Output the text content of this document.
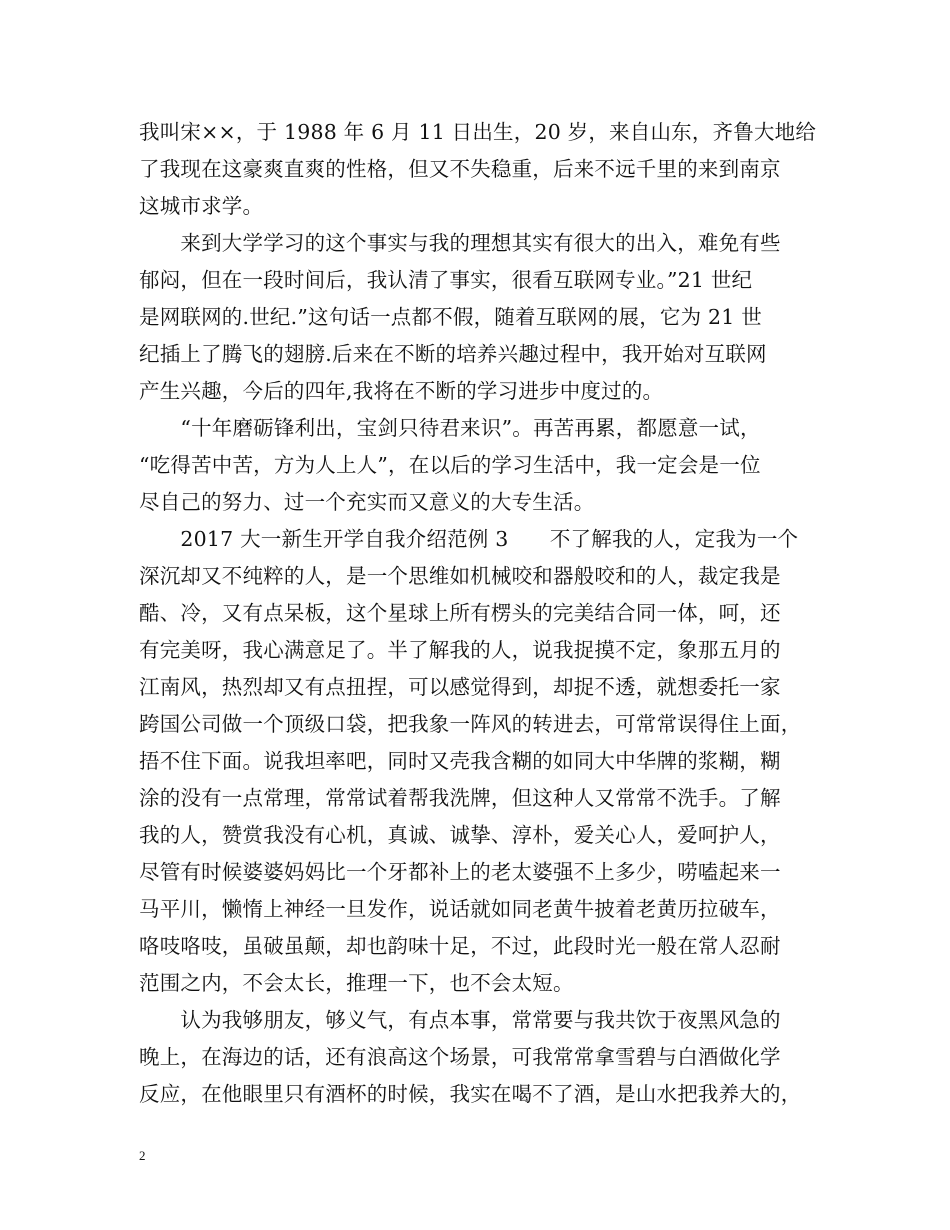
我叫宋××，于 1988 年 6 月 11 日出生，20 岁，来自山东，齐鲁大地给
了我现在这豪爽直爽的性格，但又不失稳重，后来不远千里的来到南京
这城市求学。
　　来到大学学习的这个事实与我的理想其实有很大的出入，难免有些
郁闷，但在一段时间后，我认清了事实，很看互联网专业。”21 世纪
是网联网的.世纪.”这句话一点都不假，随着互联网的展，它为 21 世
纪插上了腾飞的翅膀.后来在不断的培养兴趣过程中，我开始对互联网
产生兴趣，今后的四年,我将在不断的学习进步中度过的。
　　“十年磨砺锋利出，宝剑只待君来识”。再苦再累，都愿意一试，
“吃得苦中苦，方为人上人”，在以后的学习生活中，我一定会是一位
尽自己的努力、过一个充实而又意义的大专生活。
　　2017 大一新生开学自我介绍范例 3　　不了解我的人，定我为一个
深沉却又不纯粹的人，是一个思维如机械咬和器般咬和的人，裁定我是
酷、冷，又有点呆板，这个星球上所有楞头的完美结合同一体，呵，还
有完美呀，我心满意足了。半了解我的人，说我捉摸不定，象那五月的
江南风，热烈却又有点扭捏，可以感觉得到，却捉不透，就想委托一家
跨国公司做一个顶级口袋，把我象一阵风的转进去，可常常误得住上面，
捂不住下面。说我坦率吧，同时又壳我含糊的如同大中华牌的浆糊，糊
涂的没有一点常理，常常试着帮我洗牌，但这种人又常常不洗手。了解
我的人，赞赏我没有心机，真诚、诚挚、淳朴，爱关心人，爱呵护人，
尽管有时候婆婆妈妈比一个牙都补上的老太婆强不上多少，唠嗑起来一
马平川，懒惰上神经一旦发作，说话就如同老黄牛披着老黄历拉破车，
咯吱咯吱，虽破虽颠，却也韵味十足，不过，此段时光一般在常人忍耐
范围之内，不会太长，推理一下，也不会太短。
　　认为我够朋友，够义气，有点本事，常常要与我共饮于夜黑风急的
晚上，在海边的话，还有浪高这个场景，可我常常拿雪碧与白酒做化学
反应，在他眼里只有酒杯的时候，我实在喝不了酒，是山水把我养大的，
2
